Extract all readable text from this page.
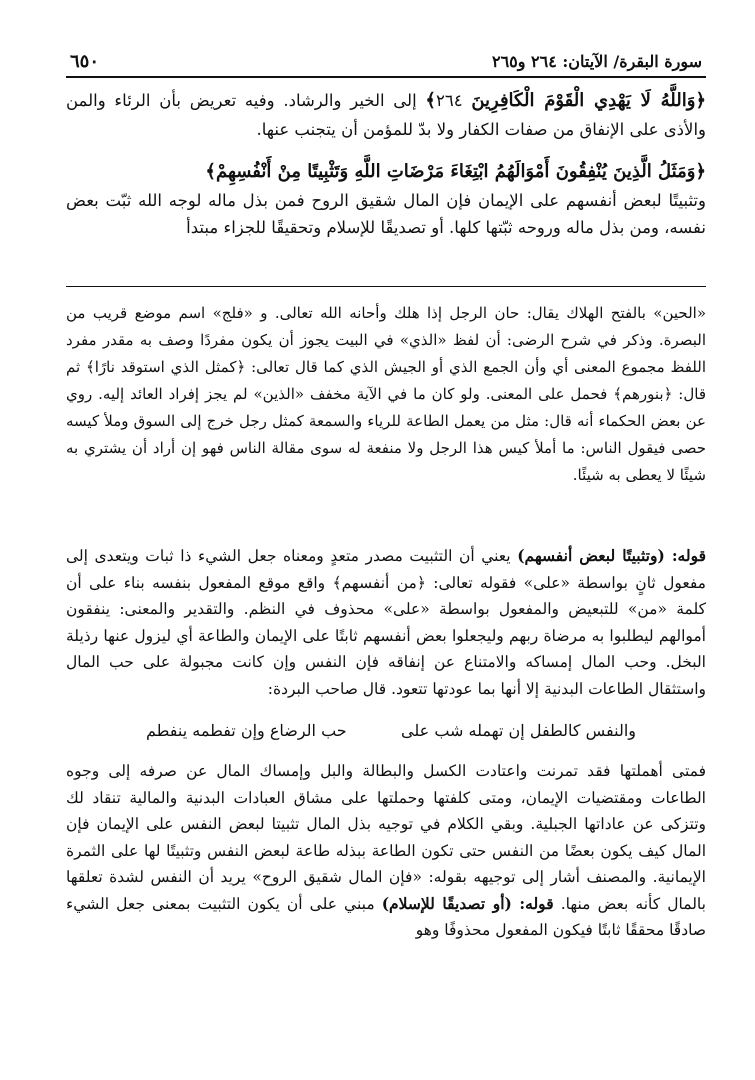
سورة البقرة/ الآيتان: ٢٦٤ و٢٦٥
٦٥٠

﴿وَاللَّهُ لَا يَهْدِي الْقَوْمَ الْكَافِرِينَ ٢٦٤﴾ إلى الخير والرشاد. وفيه تعريض بأن الرئاء والمن والأذى على الإنفاق من صفات الكفار ولا بدّ للمؤمن أن يتجنب عنها.

﴿وَمَثَلُ الَّذِينَ يُنْفِقُونَ أَمْوَالَهُمُ ابْتِغَاءَ مَرْضَاتِ اللَّهِ وَتَثْبِيتًا مِنْ أَنْفُسِهِمْ﴾

وتثبيتًا لبعض أنفسهم على الإيمان فإن المال شقيق الروح فمن بذل ماله لوجه الله ثبّت بعض نفسه، ومن بذل ماله وروحه ثبّتها كلها. أو تصديقًا للإسلام وتحقيقًا للجزاء مبتدأ

«الحين» بالفتح الهلاك يقال: حان الرجل إذا هلك وأحانه الله تعالى. و «فلج» اسم موضع قريب من البصرة. وذكر في شرح الرضى: أن لفظ «الذي» في البيت يجوز أن يكون مفردًا وصف به مقدر مفرد اللفظ مجموع المعنى أي وأن الجمع الذي أو الجيش الذي كما قال تعالى: ﴿كمثل الذي استوقد نارًا﴾ ثم قال: ﴿بنورهم﴾ فحمل على المعنى. ولو كان ما في الآية مخفف «الذين» لم يجز إفراد العائد إليه. روي عن بعض الحكماء أنه قال: مثل من يعمل الطاعة للرياء والسمعة كمثل رجل خرج إلى السوق وملأ كيسه حصى فيقول الناس: ما أملأ كيس هذا الرجل ولا منفعة له سوى مقالة الناس فهو إن أراد أن يشتري به شيئًا لا يعطى به شيئًا.

قوله: (وتثبيتًا لبعض أنفسهم) يعني أن التثبيت مصدر متعدٍ ومعناه جعل الشيء ذا ثبات ويتعدى إلى مفعول ثانٍ بواسطة «على» فقوله تعالى: ﴿من أنفسهم﴾ واقع موقع المفعول بنفسه بناء على أن كلمة «من» للتبعيض والمفعول بواسطة «على» محذوف في النظم. والتقدير والمعنى: ينفقون أموالهم ليطلبوا به مرضاة ربهم وليجعلوا بعض أنفسهم ثابتًا على الإيمان والطاعة أي ليزول عنها رذيلة البخل. وحب المال إمساكه والامتناع عن إنفاقه فإن النفس وإن كانت مجبولة على حب المال واستثقال الطاعات البدنية إلا أنها بما عودتها تتعود. قال صاحب البردة:

والنفس كالطفل إن تهمله شب على
حب الرضاع وإن تفطمه ينفطم

فمتى أهملتها فقد تمرنت واعتادت الكسل والبطالة والبل وإمساك المال عن صرفه إلى وجوه الطاعات ومقتضيات الإيمان، ومتى كلفتها وحملتها على مشاق العبادات البدنية والمالية تنقاد لك وتتزكى عن عاداتها الجبلية. وبقي الكلام في توجيه بذل المال تثبيتا لبعض النفس على الإيمان فإن المال كيف يكون بعضًا من النفس حتى تكون الطاعة ببذله طاعة لبعض النفس وتثبيتًا لها على الثمرة الإيمانية. والمصنف أشار إلى توجيهه بقوله: «فإن المال شقيق الروح» يريد أن النفس لشدة تعلقها بالمال كأنه بعض منها. قوله: (أو تصديقًا للإسلام) مبني على أن يكون التثبيت بمعنى جعل الشيء صادقًا محققًا ثابتًا فيكون المفعول محذوفًا وهو
